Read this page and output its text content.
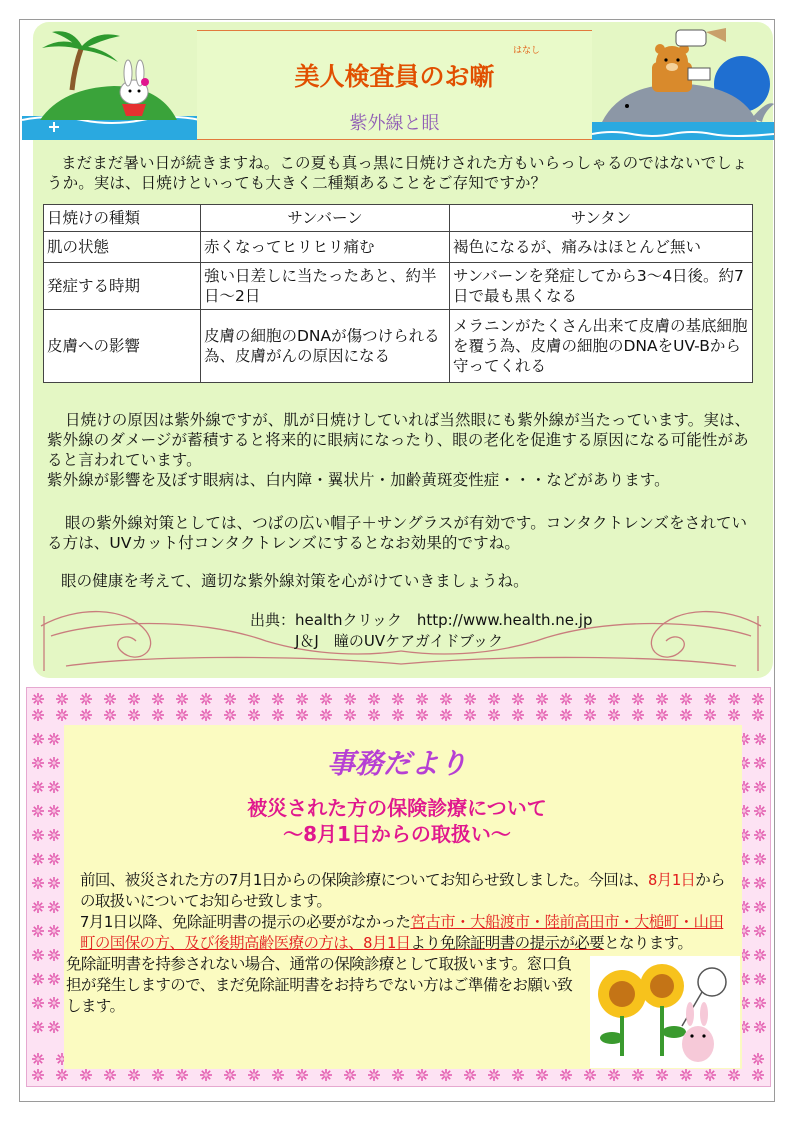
はなし
美人検査員のお噺
紫外線と眼

まだまだ暑い日が続きますね。この夏も真っ黒に日焼けされた方もいらっしゃるのではないでしょうか。実は、日焼けといっても大きく二種類あることをご存知ですか？

日焼けの種類	サンバーン	サンタン
肌の状態	赤くなってヒリヒリ痛む	褐色になるが、痛みはほとんど無い
発症する時期	強い日差しに当たったあと、約半日〜2日	サンバーンを発症してから3〜4日後。約7日で最も黒くなる
皮膚への影響	皮膚の細胞のDNAが傷つけられる為、皮膚がんの原因になる	メラニンがたくさん出来て皮膚の基底細胞を覆う為、皮膚の細胞のDNAをUV-Bから守ってくれる
日焼けの原因は紫外線ですが、肌が日焼けしていれば当然眼にも紫外線が当たっています。実は、紫外線のダメージが蓄積すると将来的に眼病になったり、眼の老化を促進する原因になる可能性があると言われています。
紫外線が影響を及ぼす眼病は、白内障・翼状片・加齢黄斑変性症・・・などがあります。

眼の紫外線対策としては、つばの広い帽子＋サングラスが有効です。コンタクトレンズをされている方は、UVカット付コンタクトレンズにするとなお効果的ですね。

眼の健康を考えて、適切な紫外線対策を心がけていきましょうね。

出典：healthクリック　http://www.health.ne.jp
J＆J　瞳のUVケアガイドブック
事務だより
被災された方の保険診療について
〜8月1日からの取扱い〜
前回、被災された方の7月1日からの保険診療についてお知らせ致しました。今回は、8月1日からの取扱いについてお知らせ致します。
7月1日以降、免除証明書の提示の必要がなかった宮古市・大船渡市・陸前高田市・大槌町・山田町の国保の方、及び後期高齢医療の方は、8月1日より免除証明書の提示が必要となります。
免除証明書を持参されない場合、通常の保険診療として取扱います。窓口負担が発生しますので、まだ免除証明書をお持ちでない方はご準備をお願い致します。
